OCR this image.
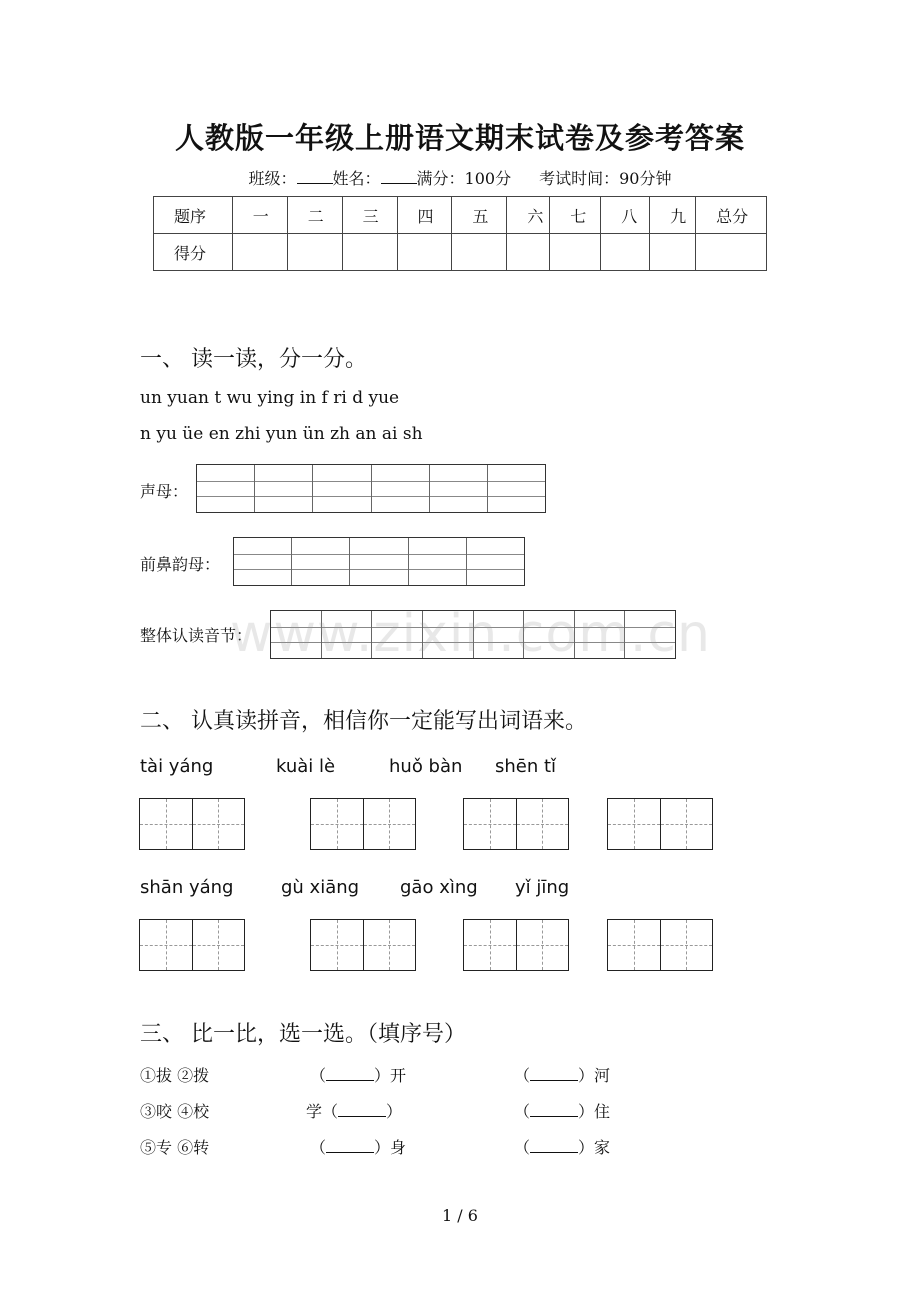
人教版一年级上册语文期末试卷及参考答案
班级： 姓名： 满分：100分 考试时间：90分钟
题序	一	二	三	四	五	六	七	八	九	总分
得分										
一、 读一读，分一分。
un yuan t wu ying in f ri d yue
n yu üe en zhi yun ün zh an ai sh
声母：
前鼻韵母：
整体认读音节：
www.zixin.com.cn
二、 认真读拼音，相信你一定能写出词语来。
tài yáng	kuài lè	huǒ bàn shēn tǐ
shān yáng	gù xiāng gāo xìng yǐ jīng
三、 比一比，选一选。（填序号）
①拔 ②拨	（	）开	（	）河
③咬 ④校	学（	）	（	）住
⑤专 ⑥转	（	）身	（	）家
1 / 6
